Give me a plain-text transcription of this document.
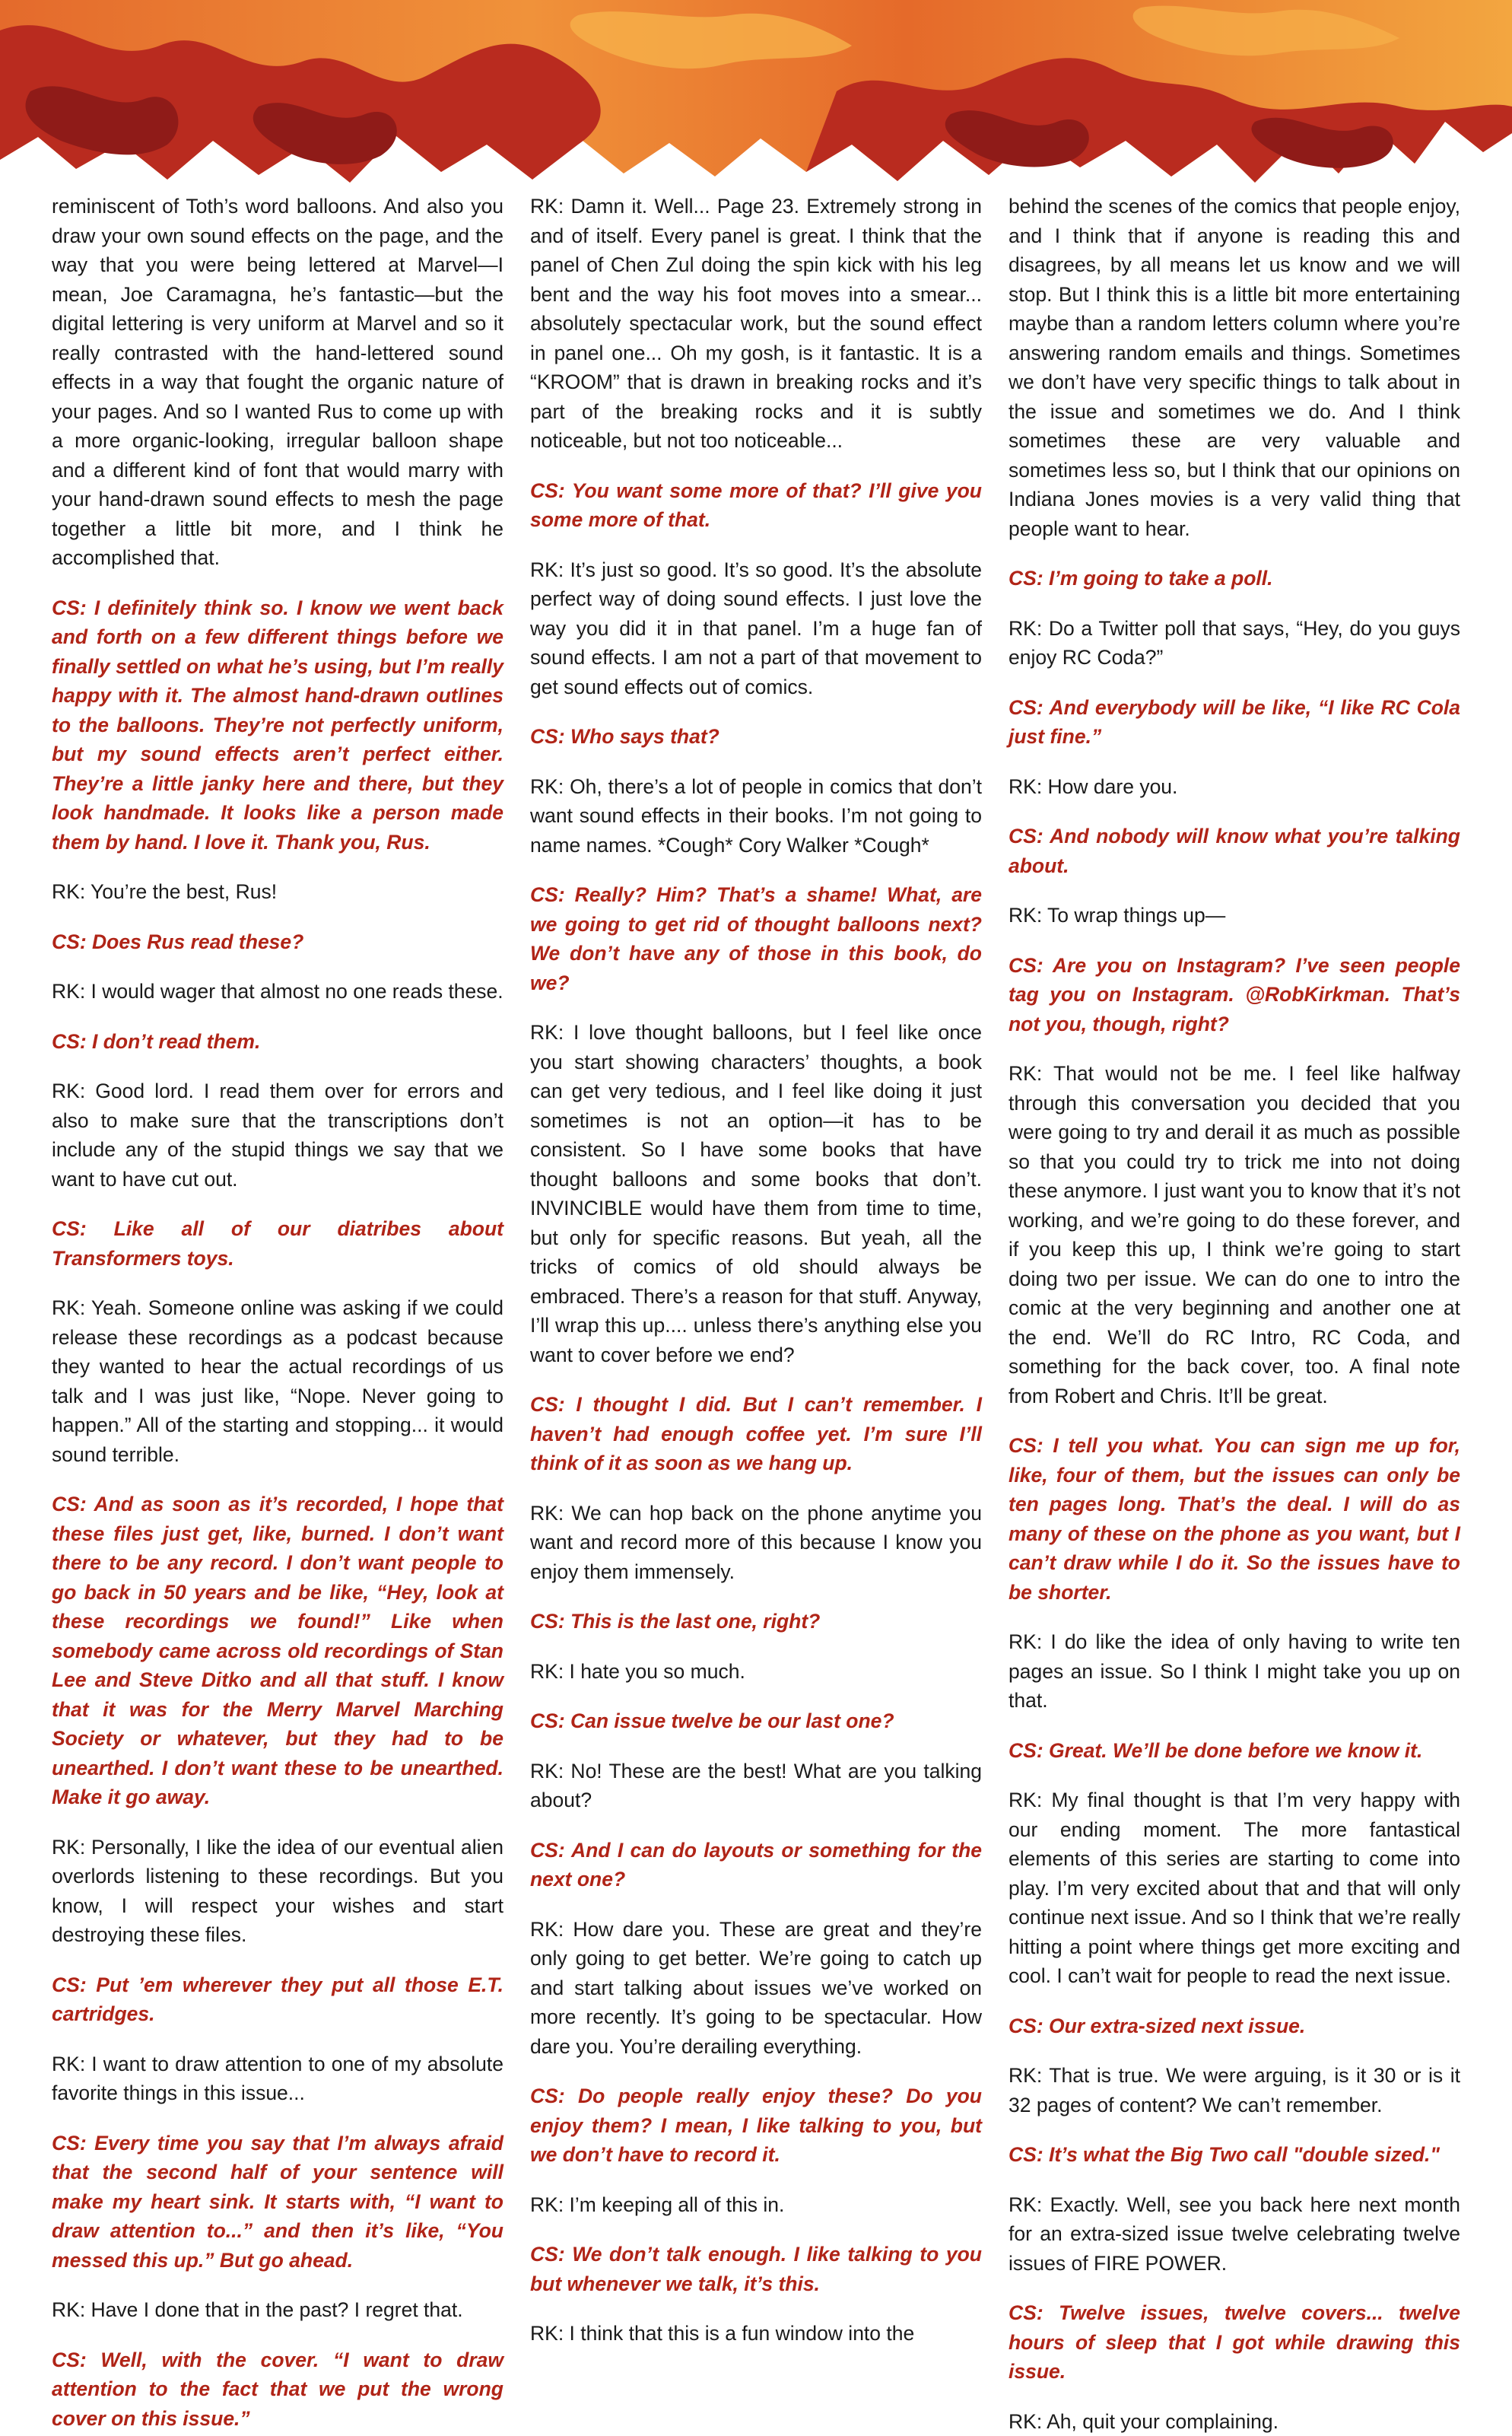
reminiscent of Toth’s word balloons. And also you draw your own sound effects on the page, and the way that you were being lettered at Marvel—I mean, Joe Caramagna, he’s fantastic—but the digital lettering is very uniform at Marvel and so it really contrasted with the hand-lettered sound effects in a way that fought the organic nature of your pages. And so I wanted Rus to come up with a more organic-looking, irregular balloon shape and a different kind of font that would marry with your hand-drawn sound effects to mesh the page together a little bit more, and I think he accomplished that.

CS: I definitely think so. I know we went back and forth on a few different things before we finally settled on what he’s using, but I’m really happy with it. The almost hand-drawn outlines to the balloons. They’re not perfectly uniform, but my sound effects aren’t perfect either. They’re a little janky here and there, but they look handmade. It looks like a person made them by hand. I love it. Thank you, Rus.

RK: You’re the best, Rus!

CS: Does Rus read these?

RK: I would wager that almost no one reads these.

CS: I don’t read them.

RK: Good lord. I read them over for errors and also to make sure that the transcriptions don’t include any of the stupid things we say that we want to have cut out.

CS: Like all of our diatribes about Transformers toys.

RK: Yeah. Someone online was asking if we could release these recordings as a podcast because they wanted to hear the actual recordings of us talk and I was just like, “Nope. Never going to happen.” All of the starting and stopping... it would sound terrible.

CS: And as soon as it’s recorded, I hope that these files just get, like, burned. I don’t want there to be any record. I don’t want people to go back in 50 years and be like, “Hey, look at these recordings we found!” Like when somebody came across old recordings of Stan Lee and Steve Ditko and all that stuff. I know that it was for the Merry Marvel Marching Society or whatever, but they had to be unearthed. I don’t want these to be unearthed. Make it go away.

RK: Personally, I like the idea of our eventual alien overlords listening to these recordings. But you know, I will respect your wishes and start destroying these files.

CS: Put ’em wherever they put all those E.T. cartridges.

RK: I want to draw attention to one of my absolute favorite things in this issue...

CS: Every time you say that I’m always afraid that the second half of your sentence will make my heart sink. It starts with, “I want to draw attention to...” and then it’s like, “You messed this up.” But go ahead.

RK: Have I done that in the past? I regret that.

CS: Well, with the cover. “I want to draw attention to the fact that we put the wrong cover on this issue.”

RK: Damn it. Well... Page 23. Extremely strong in and of itself. Every panel is great. I think that the panel of Chen Zul doing the spin kick with his leg bent and the way his foot moves into a smear... absolutely spectacular work, but the sound effect in panel one... Oh my gosh, is it fantastic. It is a “KROOM” that is drawn in breaking rocks and it’s part of the breaking rocks and it is subtly noticeable, but not too noticeable...

CS: You want some more of that? I’ll give you some more of that.

RK: It’s just so good. It’s so good. It’s the absolute perfect way of doing sound effects. I just love the way you did it in that panel. I’m a huge fan of sound effects. I am not a part of that movement to get sound effects out of comics.

CS: Who says that?

RK: Oh, there’s a lot of people in comics that don’t want sound effects in their books. I’m not going to name names. *Cough* Cory Walker *Cough*

CS: Really? Him? That’s a shame! What, are we going to get rid of thought balloons next? We don’t have any of those in this book, do we?

RK: I love thought balloons, but I feel like once you start showing characters’ thoughts, a book can get very tedious, and I feel like doing it just sometimes is not an option—it has to be consistent. So I have some books that have thought balloons and some books that don’t. INVINCIBLE would have them from time to time, but only for specific reasons. But yeah, all the tricks of comics of old should always be embraced. There’s a reason for that stuff. Anyway, I’ll wrap this up.... unless there’s anything else you want to cover before we end?

CS: I thought I did. But I can’t remember. I haven’t had enough coffee yet. I’m sure I’ll think of it as soon as we hang up.

RK: We can hop back on the phone anytime you want and record more of this because I know you enjoy them immensely.

CS: This is the last one, right?

RK: I hate you so much.

CS: Can issue twelve be our last one?

RK: No! These are the best! What are you talking about?

CS: And I can do layouts or something for the next one?

RK: How dare you. These are great and they’re only going to get better. We’re going to catch up and start talking about issues we’ve worked on more recently. It’s going to be spectacular. How dare you. You’re derailing everything.

CS: Do people really enjoy these? Do you enjoy them? I mean, I like talking to you, but we don’t have to record it.

RK: I’m keeping all of this in.

CS: We don’t talk enough. I like talking to you but whenever we talk, it’s this.

RK: I think that this is a fun window into the

behind the scenes of the comics that people enjoy, and I think that if anyone is reading this and disagrees, by all means let us know and we will stop. But I think this is a little bit more entertaining maybe than a random letters column where you’re answering random emails and things. Sometimes we don’t have very specific things to talk about in the issue and sometimes we do. And I think sometimes these are very valuable and sometimes less so, but I think that our opinions on Indiana Jones movies is a very valid thing that people want to hear.

CS: I’m going to take a poll.

RK: Do a Twitter poll that says, “Hey, do you guys enjoy RC Coda?”

CS: And everybody will be like, “I like RC Cola just fine.”

RK: How dare you.

CS: And nobody will know what you’re talking about.

RK: To wrap things up—

CS: Are you on Instagram? I’ve seen people tag you on Instagram. @RobKirkman. That’s not you, though, right?

RK: That would not be me. I feel like halfway through this conversation you decided that you were going to try and derail it as much as possible so that you could try to trick me into not doing these anymore. I just want you to know that it’s not working, and we’re going to do these forever, and if you keep this up, I think we’re going to start doing two per issue. We can do one to intro the comic at the very beginning and another one at the end. We’ll do RC Intro, RC Coda, and something for the back cover, too. A final note from Robert and Chris. It’ll be great.

CS: I tell you what. You can sign me up for, like, four of them, but the issues can only be ten pages long. That’s the deal. I will do as many of these on the phone as you want, but I can’t draw while I do it. So the issues have to be shorter.

RK: I do like the idea of only having to write ten pages an issue. So I think I might take you up on that.

CS: Great. We’ll be done before we know it.

RK: My final thought is that I’m very happy with our ending moment. The more fantastical elements of this series are starting to come into play. I’m very excited about that and that will only continue next issue. And so I think that we’re really hitting a point where things get more exciting and cool. I can’t wait for people to read the next issue.

CS: Our extra-sized next issue.

RK: That is true. We were arguing, is it 30 or is it 32 pages of content? We can’t remember.

CS: It’s what the Big Two call "double sized."

RK: Exactly. Well, see you back here next month for an extra-sized issue twelve celebrating twelve issues of FIRE POWER.

CS: Twelve issues, twelve covers... twelve hours of sleep that I got while drawing this issue.

RK: Ah, quit your complaining.
